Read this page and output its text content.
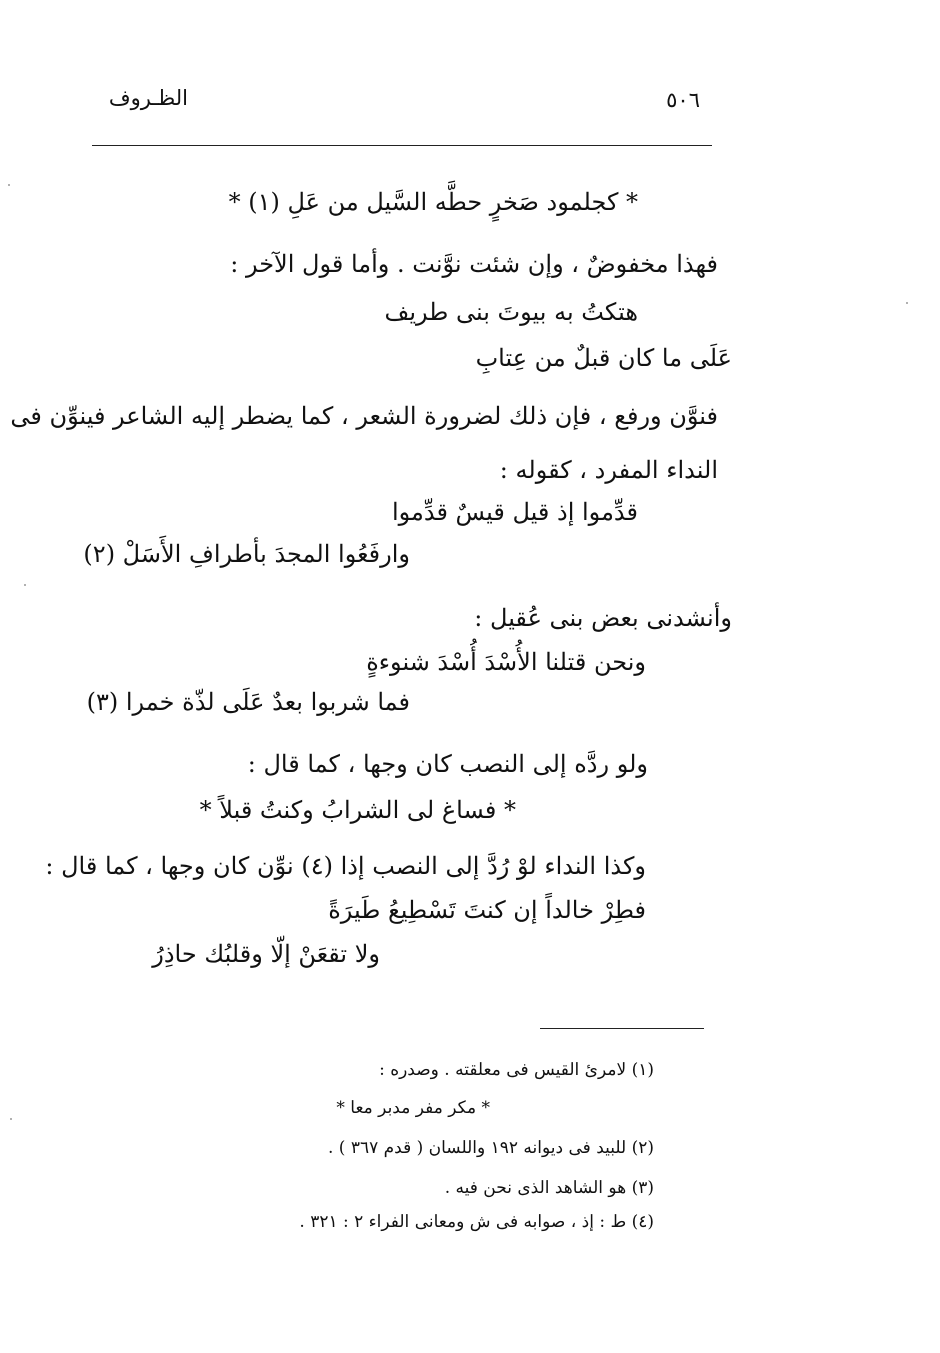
الظـروف	٥٠٦
* كجلمود صَخرٍ حطَّه السَّيل من عَلِ (١) *
فهذا مخفوضٌ ، وإن شئت نوَّنت . وأما قول الآخر :
هتكتُ به بيوتَ بنى طريف
عَلَى ما كان قبلٌ من عِتابِ
فنوَّن ورفع ، فإن ذلك لضرورة الشعر ، كما يضطر إليه الشاعر فينوِّن فى
النداء المفرد ، كقوله :
قدِّموا إذ قيل قيسٌ قدِّموا
وارفَعُوا المجدَ بأطرافِ الأَسَلْ (٢)
وأنشدنى بعض بنى عُقيل :
ونحن قتلنا الأُسْدَ أُسْدَ شنوءةٍ
فما شربوا بعدٌ عَلَى لذّة خمرا (٣)
ولو ردَّه إلى النصب كان وجها ، كما قال :
* فساغ لى الشرابُ وكنتُ قبلاً *
وكذا النداء لوْ رُدَّ إلى النصب إذا (٤) نوِّن كان وجها ، كما قال :
فطِرْ خالداً إن كنتَ تَسْطِيعُ طَيرَةً
ولا تقعَنْ إلّا وقلبُك حاذِرُ
(١) لامرئ القيس فى معلقته . وصدره :
* مكر مفر مدبر معا *
(٢) للبيد فى ديوانه ١٩٢ واللسان ( قدم ٣٦٧ ) .
(٣) هو الشاهد الذى نحن فيه .
(٤) ط : إذ ، صوابه فى ش ومعانى الفراء ٢ : ٣٢١ .
